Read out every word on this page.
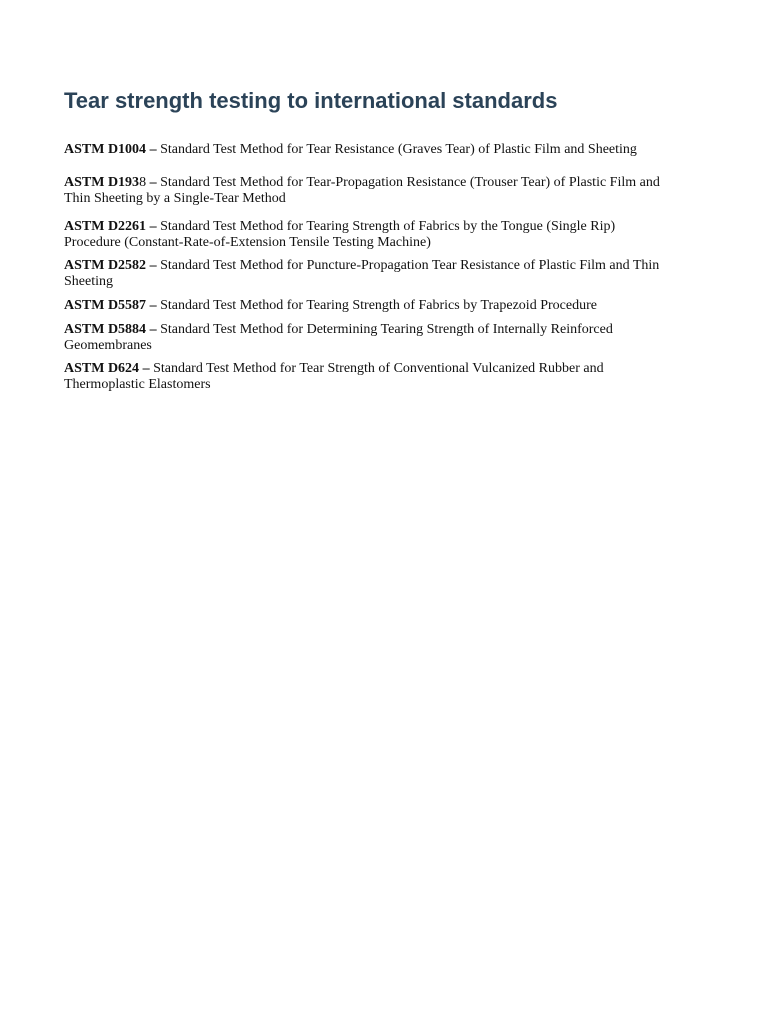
Tear strength testing to international standards
ASTM D1004 – Standard Test Method for Tear Resistance (Graves Tear) of Plastic Film and Sheeting
ASTM D1938 – Standard Test Method for Tear-Propagation Resistance (Trouser Tear) of Plastic Film and Thin Sheeting by a Single-Tear Method
ASTM D2261 – Standard Test Method for Tearing Strength of Fabrics by the Tongue (Single Rip) Procedure (Constant-Rate-of-Extension Tensile Testing Machine)
ASTM D2582 – Standard Test Method for Puncture-Propagation Tear Resistance of Plastic Film and Thin Sheeting
ASTM D5587 – Standard Test Method for Tearing Strength of Fabrics by Trapezoid Procedure
ASTM D5884 – Standard Test Method for Determining Tearing Strength of Internally Reinforced Geomembranes
ASTM D624 – Standard Test Method for Tear Strength of Conventional Vulcanized Rubber and Thermoplastic Elastomers
